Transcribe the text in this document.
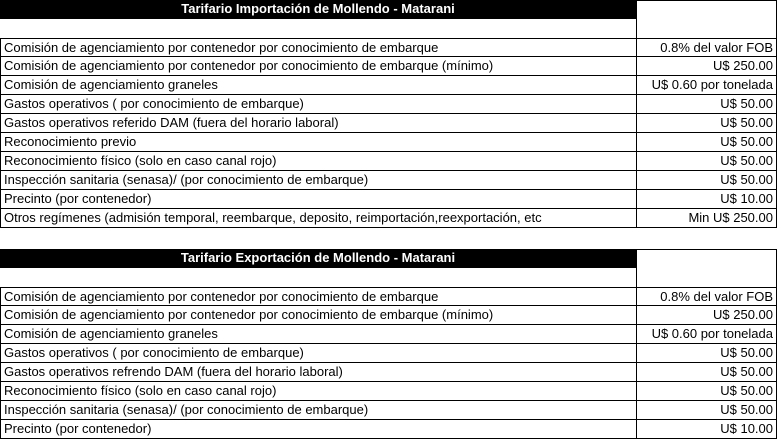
Tarifario Importación de Mollendo - Matarani
Comisión de agenciamiento por contenedor por conocimiento de embarque	0.8% del valor FOB
Comisión de agenciamiento por contenedor por conocimiento de embarque (mínimo)	U$ 250.00
Comisión de agenciamiento graneles	U$ 0.60 por tonelada
Gastos operativos ( por conocimiento de embarque)	U$ 50.00
Gastos operativos referido DAM (fuera del horario laboral)	U$ 50.00
Reconocimiento previo	U$ 50.00
Reconocimiento físico (solo en caso canal rojo)	U$ 50.00
Inspección sanitaria (senasa)/ (por conocimiento de embarque)	U$ 50.00
Precinto (por contenedor)	U$ 10.00
Otros regímenes (admisión temporal, reembarque, deposito, reimportación,reexportación, etc	Min U$ 250.00
Tarifario Exportación de Mollendo - Matarani
Comisión de agenciamiento por contenedor por conocimiento de embarque	0.8% del valor FOB
Comisión de agenciamiento por contenedor por conocimiento de embarque (mínimo)	U$ 250.00
Comisión de agenciamiento graneles	U$ 0.60 por tonelada
Gastos operativos ( por conocimiento de embarque)	U$ 50.00
Gastos operativos refrendo DAM (fuera del horario laboral)	U$ 50.00
Reconocimiento físico (solo en caso canal rojo)	U$ 50.00
Inspección sanitaria (senasa)/ (por conocimiento de embarque)	U$ 50.00
Precinto (por contenedor)	U$ 10.00
